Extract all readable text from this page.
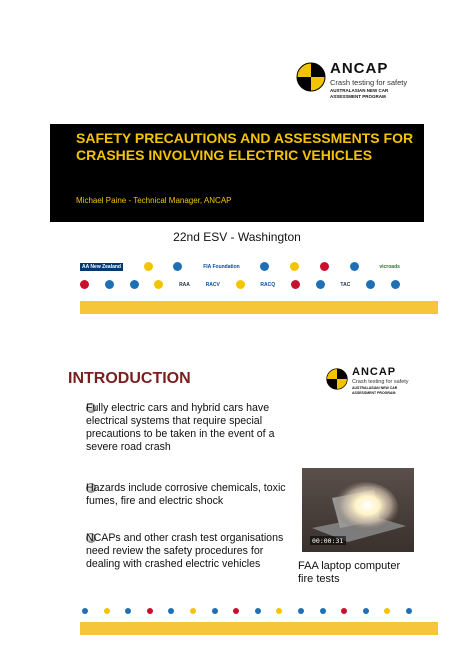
ANCAP
Crash testing for safety
AUSTRALASIAN NEW CAR ASSESSMENT PROGRAM
SAFETY PRECAUTIONS AND ASSESSMENTS FOR CRASHES INVOLVING ELECTRIC VEHICLES
Michael Paine - Technical Manager, ANCAP
22nd ESV - Washington
AA New Zealand	FIA Foundation	vicroads
RAA	RACV	RACQ	TAC
INTRODUCTION	ANCAP
Crash testing for safety
AUSTRALASIAN NEW CAR ASSESSMENT PROGRAM
Fully electric cars and hybrid cars have electrical systems that require special precautions to be taken in the event of a severe road crash
Hazards include corrosive chemicals, toxic fumes, fire and electric shock
NCAPs and other crash test organisations need review the safety procedures for dealing with crashed electric vehicles
00:00:31
FAA laptop computer fire tests
